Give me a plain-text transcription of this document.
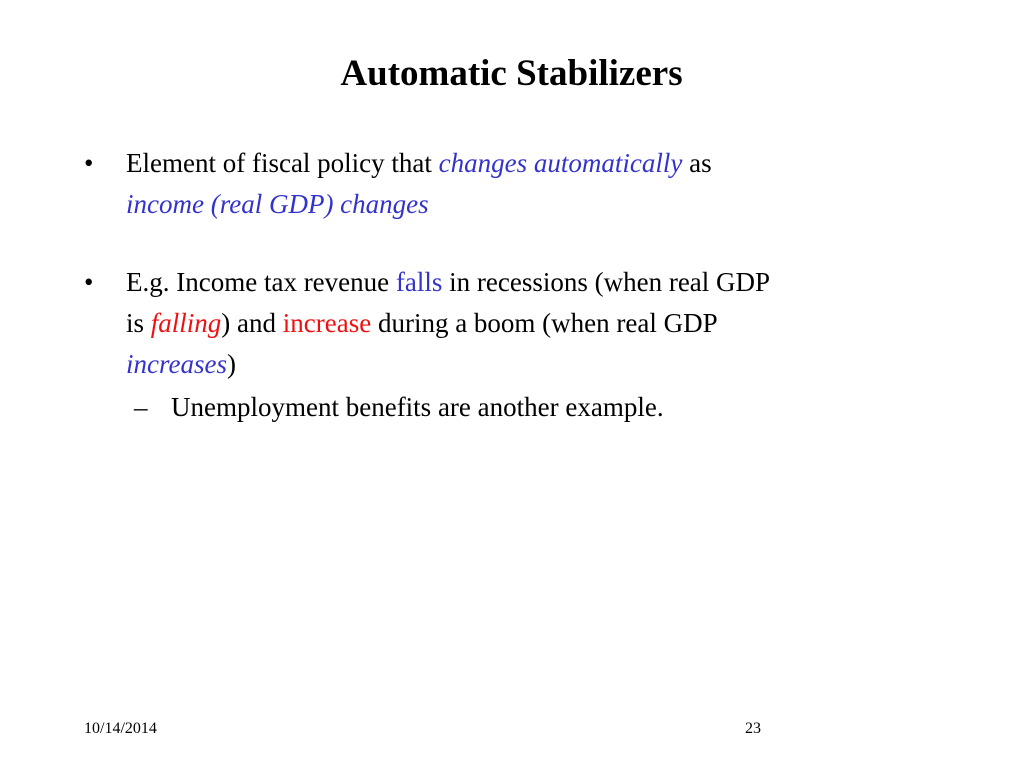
Automatic Stabilizers
• Element of fiscal policy that changes automatically as
income (real GDP) changes
• E.g. Income tax revenue falls in recessions (when real GDP
is falling) and increase during a boom (when real GDP
increases)
– Unemployment benefits are another example.
10/14/2014	23
